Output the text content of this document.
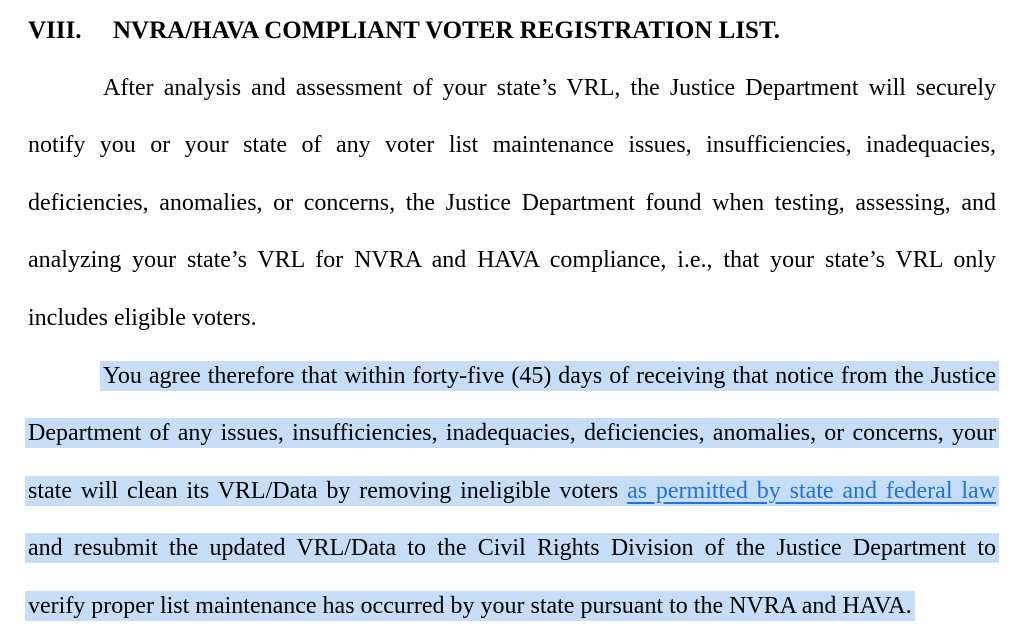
VIII. NVRA/HAVA COMPLIANT VOTER REGISTRATION LIST.
After analysis and assessment of your state’s VRL, the Justice Department will securely
notify you or your state of any voter list maintenance issues, insufficiencies, inadequacies,
deficiencies, anomalies, or concerns, the Justice Department found when testing, assessing, and
analyzing your state’s VRL for NVRA and HAVA compliance, i.e., that your state’s VRL only
includes eligible voters.
You agree therefore that within forty-five (45) days of receiving that notice from the Justice
Department of any issues, insufficiencies, inadequacies, deficiencies, anomalies, or concerns, your
state will clean its VRL/Data by removing ineligible voters as permitted by state and federal law
and resubmit the updated VRL/Data to the Civil Rights Division of the Justice Department to
verify proper list maintenance has occurred by your state pursuant to the NVRA and HAVA.
